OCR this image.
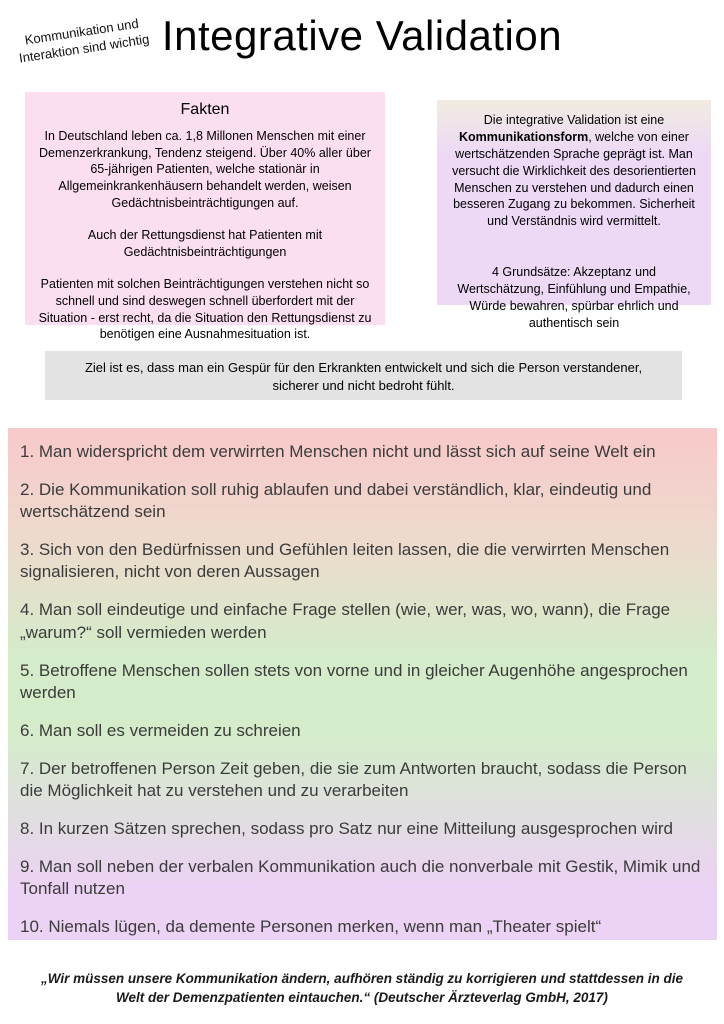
Kommunikation und Interaktion sind wichtig Integrative Validation
Fakten

In Deutschland leben ca. 1,8 Millonen Menschen mit einer Demenzerkrankung, Tendenz steigend. Über 40% aller über 65-jährigen Patienten, welche stationär in Allgemeinkrankenhäusern behandelt werden, weisen Gedächtnisbeinträchtigungen auf.

Auch der Rettungsdienst hat Patienten mit Gedächtnisbeinträchtigungen

Patienten mit solchen Beinträchtigungen verstehen nicht so schnell und sind deswegen schnell überfordert mit der Situation - erst recht, da die Situation den Rettungsdienst zu benötigen eine Ausnahmesituation ist.

Die integrative Validation ist eine Kommunikationsform, welche von einer wertschätzenden Sprache geprägt ist. Man versucht die Wirklichkeit des desorientierten Menschen zu verstehen und dadurch einen besseren Zugang zu bekommen. Sicherheit und Verständnis wird vermittelt.

4 Grundsätze: Akzeptanz und Wertschätzung, Einfühlung und Empathie, Würde bewahren, spürbar ehrlich und authentisch sein

Ziel ist es, dass man ein Gespür für den Erkrankten entwickelt und sich die Person verstandener, sicherer und nicht bedroht fühlt.
1. Man widerspricht dem verwirrten Menschen nicht und lässt sich auf seine Welt ein
2. Die Kommunikation soll ruhig ablaufen und dabei verständlich, klar, eindeutig und wertschätzend sein
3. Sich von den Bedürfnissen und Gefühlen leiten lassen, die die verwirrten Menschen signalisieren, nicht von deren Aussagen
4. Man soll eindeutige und einfache Frage stellen (wie, wer, was, wo, wann), die Frage „warum?“ soll vermieden werden
5. Betroffene Menschen sollen stets von vorne und in gleicher Augenhöhe angesprochen werden
6. Man soll es vermeiden zu schreien
7. Der betroffenen Person Zeit geben, die sie zum Antworten braucht, sodass die Person die Möglichkeit hat zu verstehen und zu verarbeiten
8. In kurzen Sätzen sprechen, sodass pro Satz nur eine Mitteilung ausgesprochen wird
9. Man soll neben der verbalen Kommunikation auch die nonverbale mit Gestik, Mimik und Tonfall nutzen
10. Niemals lügen, da demente Personen merken, wenn man „Theater spielt“
„Wir müssen unsere Kommunikation ändern, aufhören ständig zu korrigieren und stattdessen in die Welt der Demenzpatienten eintauchen.“ (Deutscher Ärzteverlag GmbH, 2017)
